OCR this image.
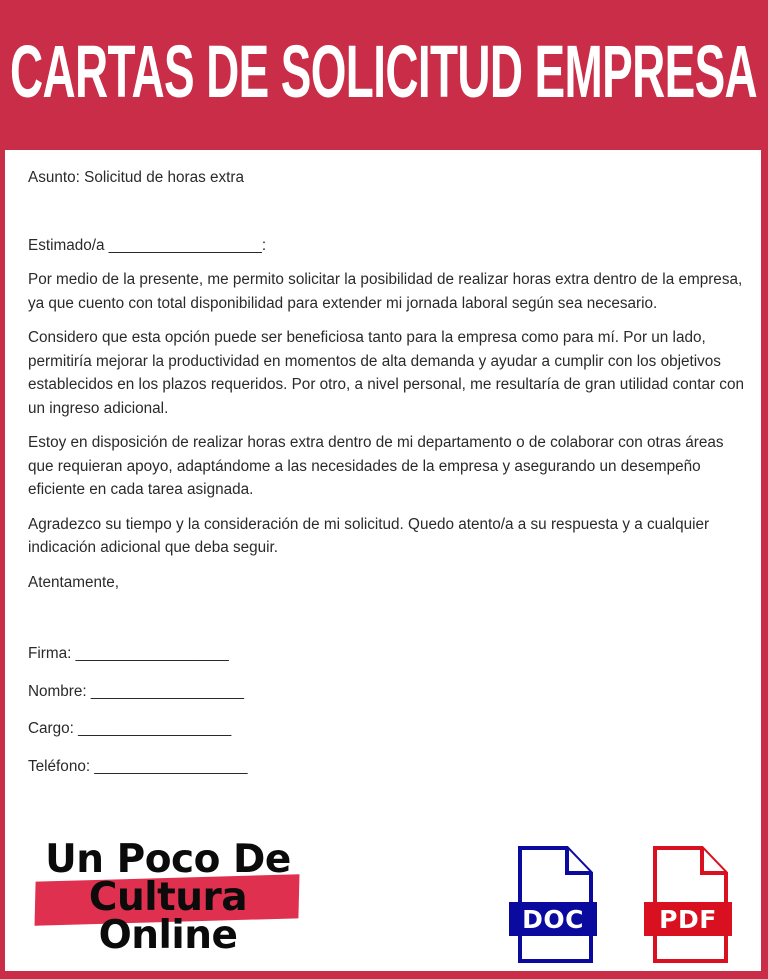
CARTAS DE SOLICITUD EMPRESA

Asunto: Solicitud de horas extra

Estimado/a __________________:

Por medio de la presente, me permito solicitar la posibilidad de realizar horas extra dentro de la empresa, ya que cuento con total disponibilidad para extender mi jornada laboral según sea necesario.

Considero que esta opción puede ser beneficiosa tanto para la empresa como para mí. Por un lado, permitiría mejorar la productividad en momentos de alta demanda y ayudar a cumplir con los objetivos establecidos en los plazos requeridos. Por otro, a nivel personal, me resultaría de gran utilidad contar con un ingreso adicional.

Estoy en disposición de realizar horas extra dentro de mi departamento o de colaborar con otras áreas que requieran apoyo, adaptándome a las necesidades de la empresa y asegurando un desempeño eficiente en cada tarea asignada.

Agradezco su tiempo y la consideración de mi solicitud. Quedo atento/a a su respuesta y a cualquier indicación adicional que deba seguir.

Atentamente,

Firma: __________________

Nombre: __________________

Cargo: __________________

Teléfono: __________________

Un Poco De
Cultura
Online	DOC	PDF
